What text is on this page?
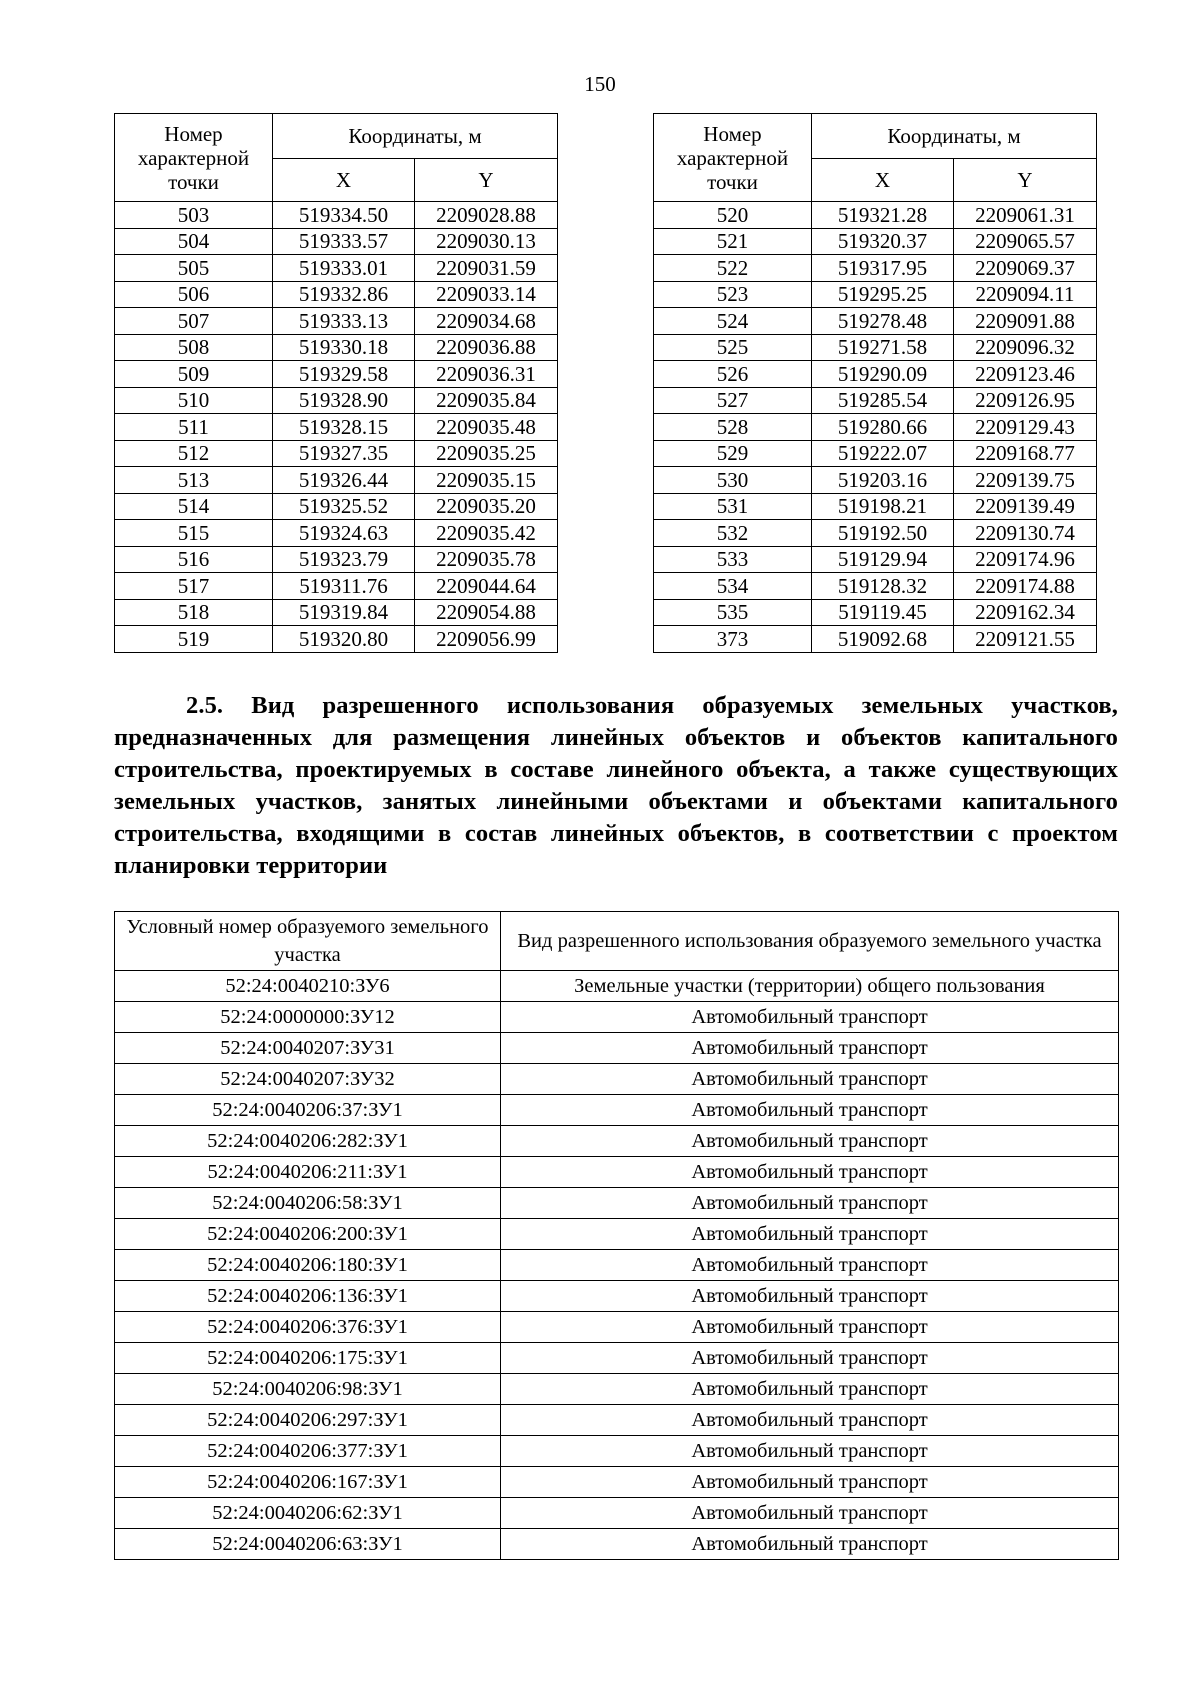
150
Номер характерной точки	Координаты, м	
	X	Y
503	519334.50	2209028.88
504	519333.57	2209030.13
505	519333.01	2209031.59
506	519332.86	2209033.14
507	519333.13	2209034.68
508	519330.18	2209036.88
509	519329.58	2209036.31
510	519328.90	2209035.84
511	519328.15	2209035.48
512	519327.35	2209035.25
513	519326.44	2209035.15
514	519325.52	2209035.20
515	519324.63	2209035.42
516	519323.79	2209035.78
517	519311.76	2209044.64
518	519319.84	2209054.88
519	519320.80	2209056.99
Номер характерной точки	Координаты, м	
	X	Y
520	519321.28	2209061.31
521	519320.37	2209065.57
522	519317.95	2209069.37
523	519295.25	2209094.11
524	519278.48	2209091.88
525	519271.58	2209096.32
526	519290.09	2209123.46
527	519285.54	2209126.95
528	519280.66	2209129.43
529	519222.07	2209168.77
530	519203.16	2209139.75
531	519198.21	2209139.49
532	519192.50	2209130.74
533	519129.94	2209174.96
534	519128.32	2209174.88
535	519119.45	2209162.34
373	519092.68	2209121.55
2.5. Вид разрешенного использования образуемых земельных участков, предназначенных для размещения линейных объектов и объектов капитального строительства, проектируемых в составе линейного объекта, а также существующих земельных участков, занятых линейными объектами и объектами капитального строительства, входящими в состав линейных объектов, в соответствии с проектом планировки территории
Условный номер образуемого земельного участка	Вид разрешенного использования образуемого земельного участка
52:24:0040210:ЗУ6	Земельные участки (территории) общего пользования
52:24:0000000:ЗУ12	Автомобильный транспорт
52:24:0040207:ЗУ31	Автомобильный транспорт
52:24:0040207:ЗУ32	Автомобильный транспорт
52:24:0040206:37:ЗУ1	Автомобильный транспорт
52:24:0040206:282:ЗУ1	Автомобильный транспорт
52:24:0040206:211:ЗУ1	Автомобильный транспорт
52:24:0040206:58:ЗУ1	Автомобильный транспорт
52:24:0040206:200:ЗУ1	Автомобильный транспорт
52:24:0040206:180:ЗУ1	Автомобильный транспорт
52:24:0040206:136:ЗУ1	Автомобильный транспорт
52:24:0040206:376:ЗУ1	Автомобильный транспорт
52:24:0040206:175:ЗУ1	Автомобильный транспорт
52:24:0040206:98:ЗУ1	Автомобильный транспорт
52:24:0040206:297:ЗУ1	Автомобильный транспорт
52:24:0040206:377:ЗУ1	Автомобильный транспорт
52:24:0040206:167:ЗУ1	Автомобильный транспорт
52:24:0040206:62:ЗУ1	Автомобильный транспорт
52:24:0040206:63:ЗУ1	Автомобильный транспорт
